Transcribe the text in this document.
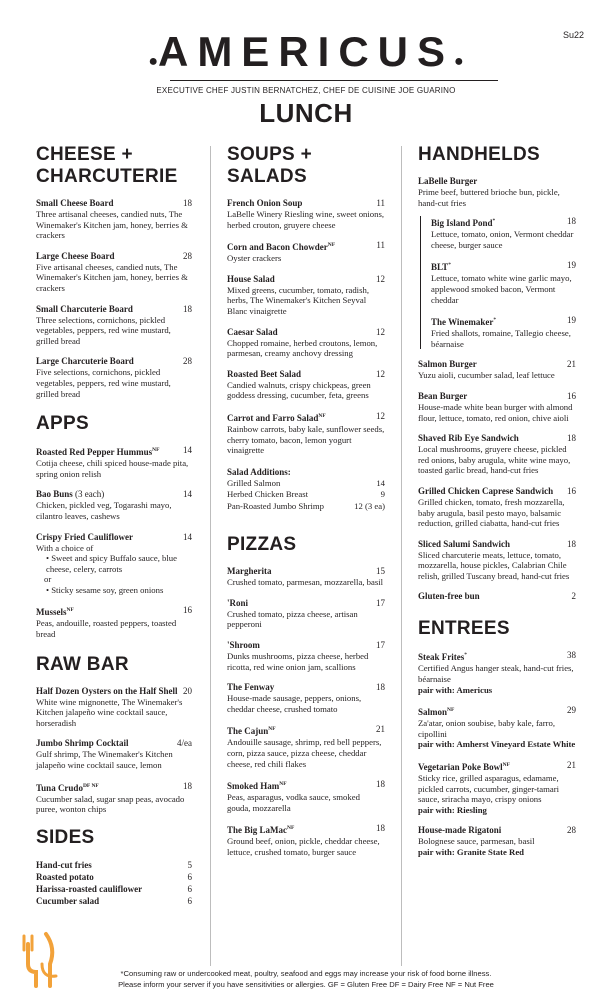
Su22
●AMERICUS●
EXECUTIVE CHEF JUSTIN BERNATCHEZ, CHEF DE CUISINE JOE GUARINO
LUNCH
CHEESE + CHARCUTERIE
Small Cheese Board	18
Three artisanal cheeses, candied nuts, The Winemaker's Kitchen jam, honey, berries & crackers
Large Cheese Board	28
Five artisanal cheeses, candied nuts, The Winemaker's Kitchen jam, honey, berries & crackers
Small Charcuterie Board	18
Three selections, cornichons, pickled vegetables, peppers, red wine mustard, grilled bread
Large Charcuterie Board	28
Five selections, cornichons, pickled vegetables, peppers, red wine mustard, grilled bread
APPS
Roasted Red Pepper Hummus$^{NF}$	14
Cotija cheese, chili spiced house-made pita, spring onion relish
Bao Buns (3 each)	14
Chicken, pickled veg, Togarashi mayo, cilantro leaves, cashews
Crispy Fried Cauliflower	14
With a choice of
• Sweet and spicy Buffalo sauce, blue cheese, celery, carrots
or
• Sticky sesame soy, green onions
Mussels$^{NF}$	16
Peas, andouille, roasted peppers, toasted bread
RAW BAR
Half Dozen Oysters on the Half Shell 20
White wine mignonette, The Winemaker's Kitchen jalapeño wine cocktail sauce, horseradish
Jumbo Shrimp Cocktail	4/ea
Gulf shrimp, The Winemaker's Kitchen jalapeño wine cocktail sauce, lemon
Tuna Crudo$^{DF NF}$	18
Cucumber salad, sugar snap peas, avocado puree, wonton chips
SIDES
Hand-cut fries	5
Roasted potato	6
Harissa-roasted cauliflower	6
Cucumber salad	6
SOUPS + SALADS
French Onion Soup	11
LaBelle Winery Riesling wine, sweet onions, herbed crouton, gruyere cheese
Corn and Bacon Chowder$^{NF}$	11
Oyster crackers
House Salad	12
Mixed greens, cucumber, tomato, radish, herbs, The Winemaker's Kitchen Seyval Blanc vinaigrette
Caesar Salad	12
Chopped romaine, herbed croutons, lemon, parmesan, creamy anchovy dressing
Roasted Beet Salad	12
Candied walnuts, crispy chickpeas, green goddess dressing, cucumber, feta, greens
Carrot and Farro Salad$^{NF}$	12
Rainbow carrots, baby kale, sunflower seeds, cherry tomato, bacon, lemon yogurt vinaigrette
Salad Additions:
Grilled Salmon	14
Herbed Chicken Breast	9
Pan-Roasted Jumbo Shrimp	12 (3 ea)
PIZZAS
Margherita	15
Crushed tomato, parmesan, mozzarella, basil
'Roni	17
Crushed tomato, pizza cheese, artisan pepperoni
'Shroom	17
Dunks mushrooms, pizza cheese, herbed ricotta, red wine onion jam, scallions
The Fenway	18
House-made sausage, peppers, onions, cheddar cheese, crushed tomato
The Cajun$^{NF}$	21
Andouille sausage, shrimp, red bell peppers, corn, pizza sauce, pizza cheese, cheddar cheese, red chili flakes
Smoked Ham$^{NF}$	18
Peas, asparagus, vodka sauce, smoked gouda, mozzarella
The Big LaMac$^{NF}$	18
Ground beef, onion, pickle, cheddar cheese, lettuce, crushed tomato, burger sauce
HANDHELDS
LaBelle Burger
Prime beef, buttered brioche bun, pickle, hand-cut fries
Big Island Pond*	18
Lettuce, tomato, onion, Vermont cheddar cheese, burger sauce
BLT*	19
Lettuce, tomato white wine garlic mayo, applewood smoked bacon, Vermont cheddar
The Winemaker*	19
Fried shallots, romaine, Tallegio cheese, béarnaise
Salmon Burger	21
Yuzu aioli, cucumber salad, leaf lettuce
Bean Burger	16
House-made white bean burger with almond flour, lettuce, tomato, red onion, chive aioli
Shaved Rib Eye Sandwich	18
Local mushrooms, gruyere cheese, pickled red onions, baby arugula, white wine mayo, toasted garlic bread, hand-cut fries
Grilled Chicken Caprese Sandwich	16
Grilled chicken, tomato, fresh mozzarella, baby arugula, basil pesto mayo, balsamic reduction, grilled ciabatta, hand-cut fries
Sliced Salumi Sandwich	18
Sliced charcuterie meats, lettuce, tomato, mozzarella, house pickles, Calabrian Chile relish, grilled Tuscany bread, hand-cut fries
Gluten-free bun	2
ENTREES
Steak Frites*	38
Certified Angus hanger steak, hand-cut fries, béarnaise
pair with: Americus
Salmon$^{NF}$	29
Za'atar, onion soubise, baby kale, farro, cipollini
pair with: Amherst Vineyard Estate White
Vegetarian Poke Bowl$^{NF}$	21
Sticky rice, grilled asparagus, edamame, pickled carrots, cucumber, ginger-tamari sauce, sriracha mayo, crispy onions
pair with: Riesling
House-made Rigatoni	28
Bolognese sauce, parmesan, basil
pair with: Granite State Red
*Consuming raw or undercooked meat, poultry, seafood and eggs may increase your risk of food borne illness.
Please inform your server if you have sensitivities or allergies. GF = Gluten Free DF = Dairy Free NF = Nut Free
